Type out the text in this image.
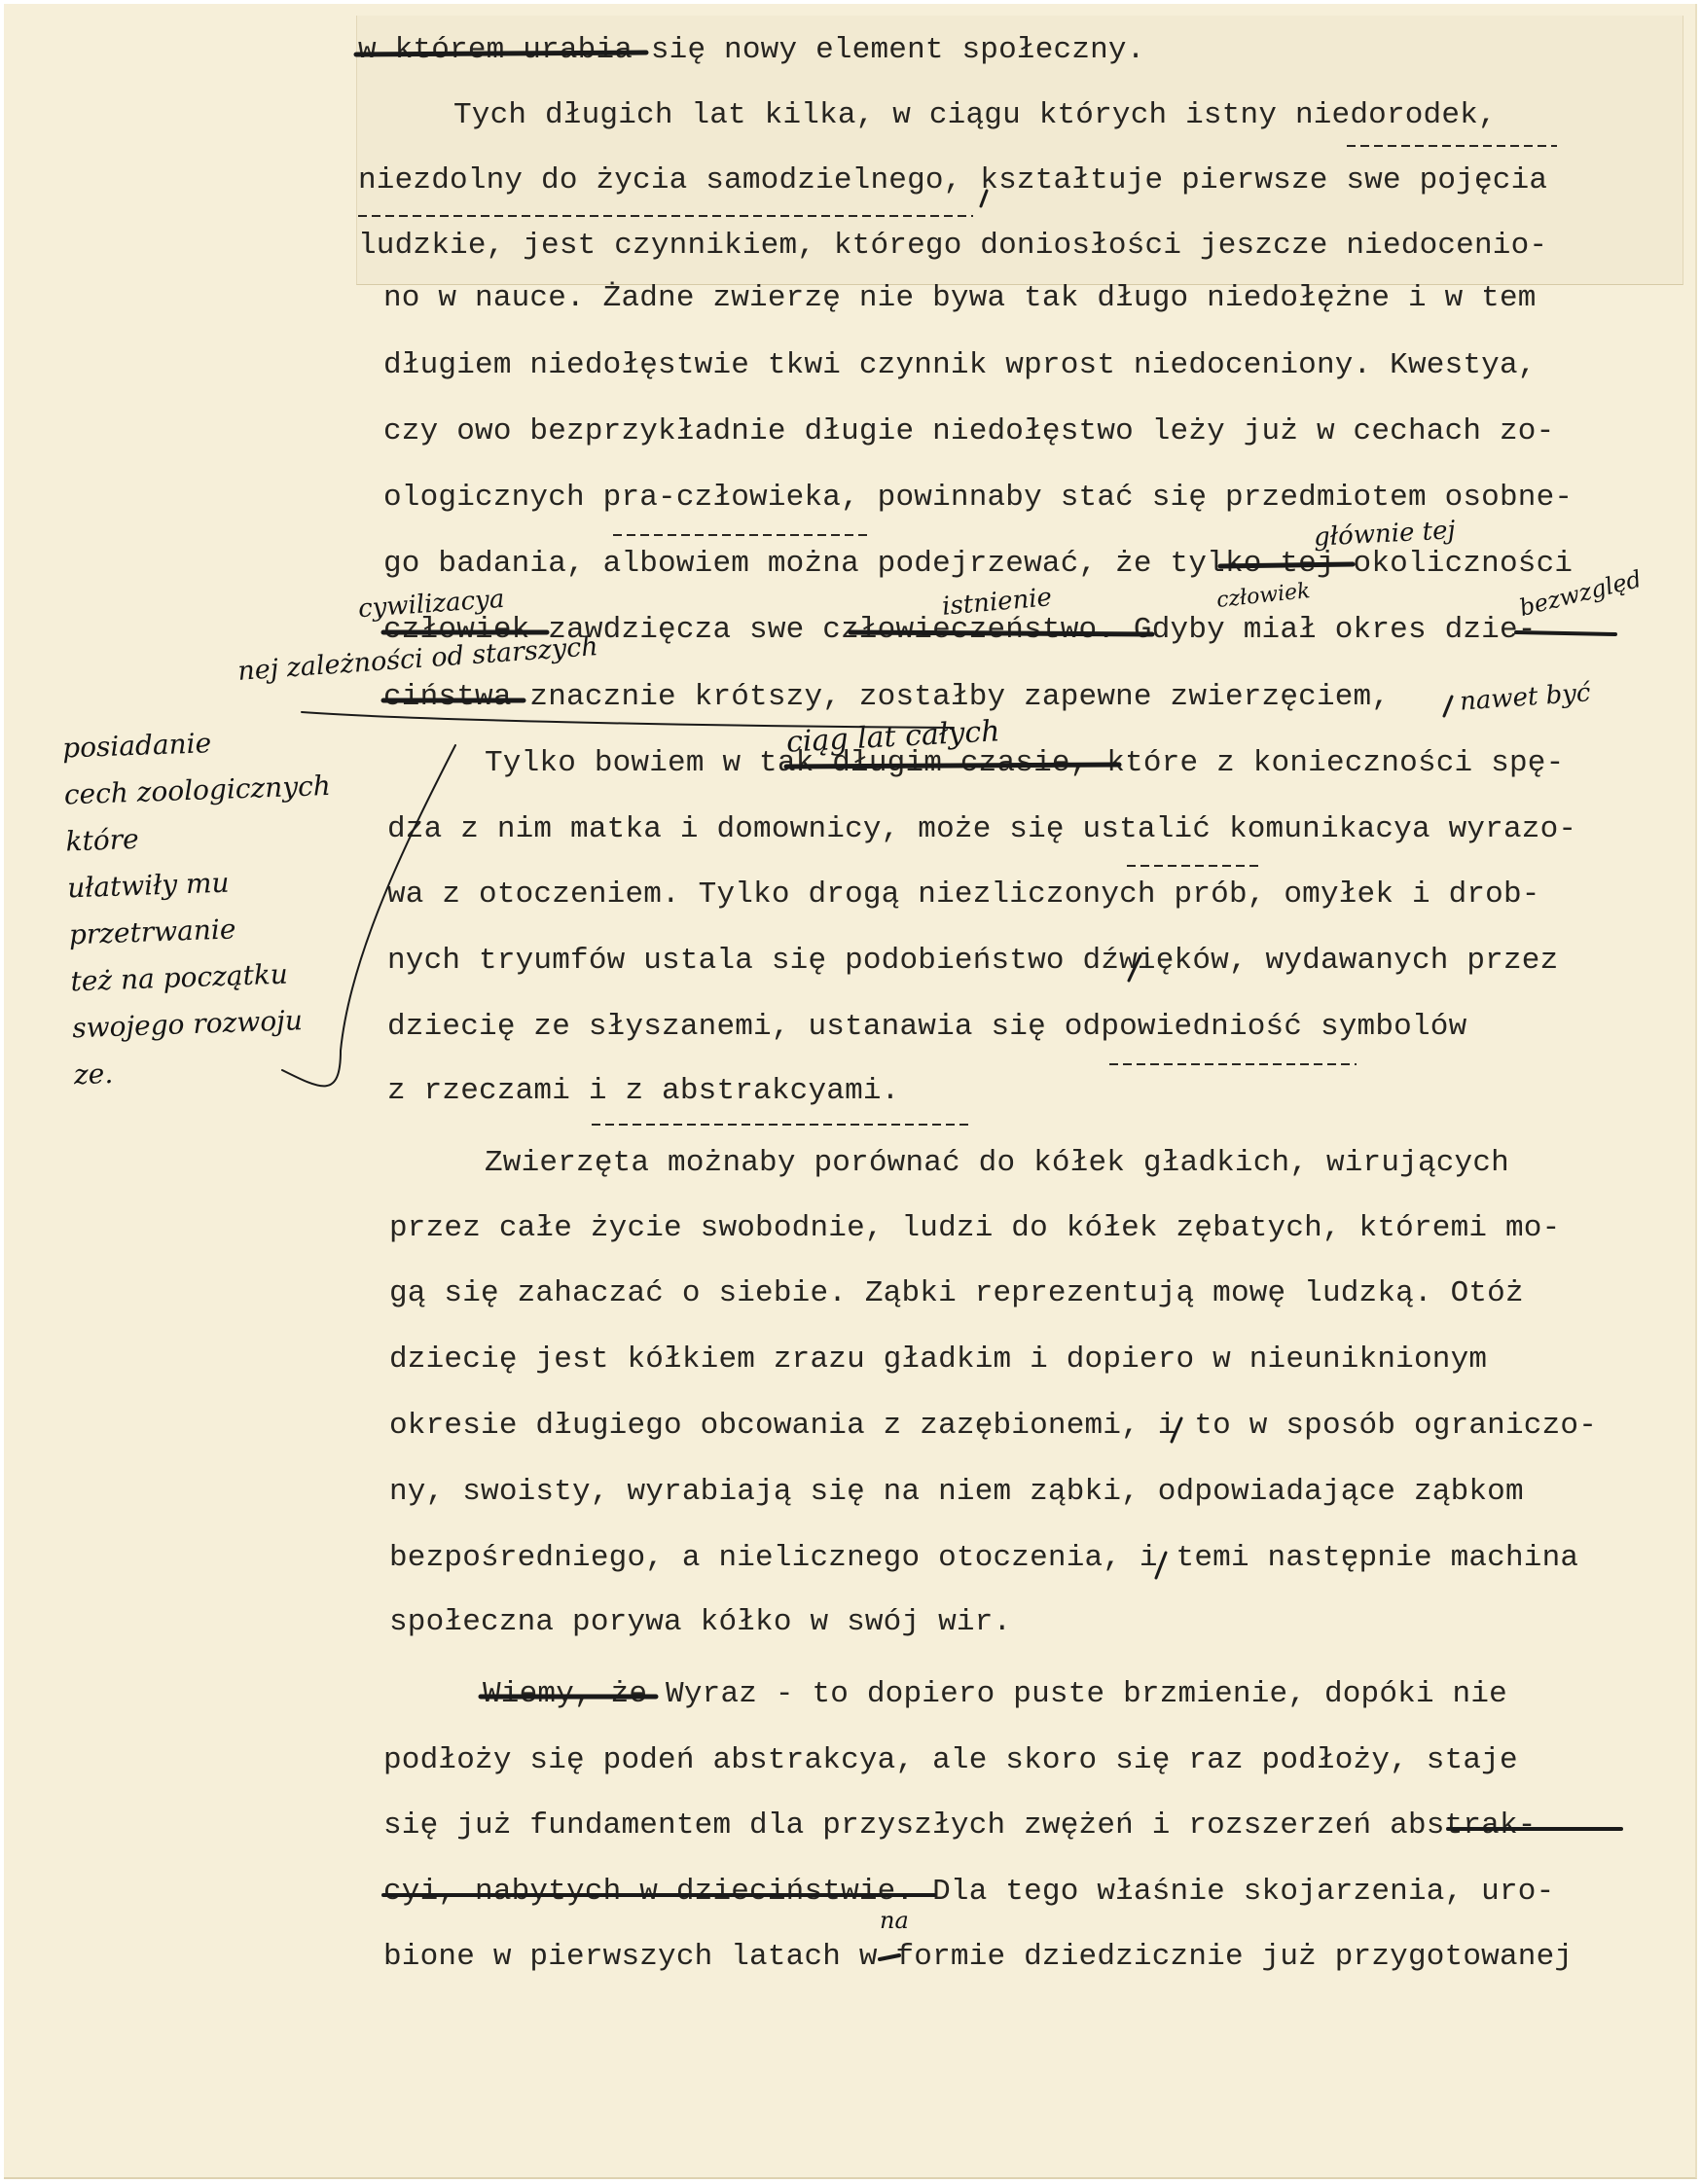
w którem urabia się nowy element społeczny.
Tych długich lat kilka, w ciągu których istny niedorodek,
niezdolny do życia samodzielnego, kształtuje pierwsze swe pojęcia
ludzkie, jest czynnikiem, którego doniosłości jeszcze niedocenio-
no w nauce. Żadne zwierzę nie bywa tak długo niedołężne i w tem
długiem niedołęstwie tkwi czynnik wprost niedoceniony. Kwestya,
czy owo bezprzykładnie długie niedołęstwo leży już w cechach zo-
ologicznych pra-człowieka, powinnaby stać się przedmiotem osobne-
go badania, albowiem można podejrzewać, że tylko tej okoliczności
człowiek zawdzięcza swe człowieczeństwo. Gdyby miał okres dzie-
ciństwa znacznie krótszy, zostałby zapewne zwierzęciem,
Tylko bowiem w tak długim czasie, które z konieczności spę-
dza z nim matka i domownicy, może się ustalić komunikacya wyrazo-
wa z otoczeniem. Tylko drogą niezliczonych prób, omyłek i drob-
nych tryumfów ustala się podobieństwo dźwięków, wydawanych przez
dziecię ze słyszanemi, ustanawia się odpowiedniość symbolów
z rzeczami i z abstrakcyami.
Zwierzęta możnaby porównać do kółek gładkich, wirujących
przez całe życie swobodnie, ludzi do kółek zębatych, któremi mo-
gą się zahaczać o siebie. Ząbki reprezentują mowę ludzką. Otóż
dziecię jest kółkiem zrazu gładkim i dopiero w nieuniknionym
okresie długiego obcowania z zazębionemi, i to w sposób ograniczo-
ny, swoisty, wyrabiają się na niem ząbki, odpowiadające ząbkom
bezpośredniego, a nielicznego otoczenia, i temi następnie machina
społeczna porywa kółko w swój wir.
Wiemy, że Wyraz - to dopiero puste brzmienie, dopóki nie
podłoży się podeń abstrakcya, ale skoro się raz podłoży, staje
się już fundamentem dla przyszłych zwężeń i rozszerzeń abstrak-
cyi, nabytych w dzieciństwie. Dla tego właśnie skojarzenia, uro-
bione w pierwszych latach w formie dziedzicznie już przygotowanej
głównie tej
cywilizacya	istnienie	człowiek	bezwzględ
nej zależności od starszych
nawet być
ciąg lat całych
na
posiadanie
cech zoologicznych
które
ułatwiły mu
przetrwanie
też na początku
swojego rozwoju
ze.
